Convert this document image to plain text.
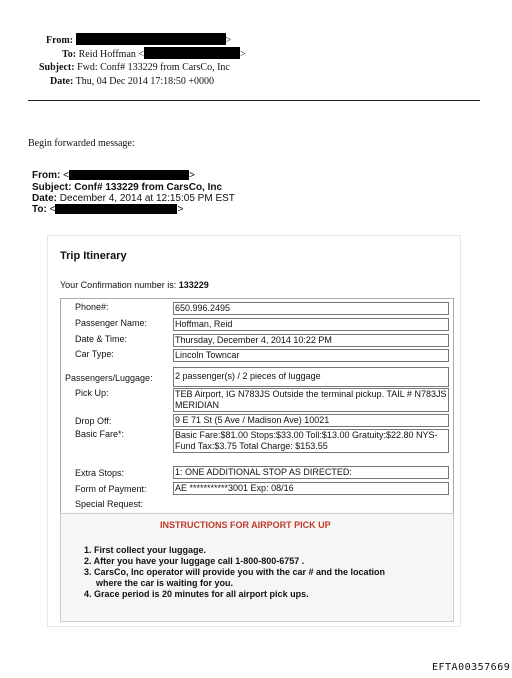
From:	>
To: Reid Hoffman <	>
Subject: Fwd: Conf# 133229 from CarsCo, Inc
Date: Thu, 04 Dec 2014 17:18:50 +0000
Begin forwarded message:
From: <	>
Subject: Conf# 133229 from CarsCo, Inc
Date: December 4, 2014 at 12:15:05 PM EST
To: <	>
Trip Itinerary
Your Confirmation number is: 133229
Phone#:	650.996.2495
Passenger Name:	Hoffman, Reid
Date & Time:	Thursday, December 4, 2014 10:22 PM
Car Type:	Lincoln Towncar
Passengers/Luggage: 2 passenger(s) / 2 pieces of luggage
Pick Up:	TEB Airport, IG N783JS Outside the terminal pickup. TAIL # N783JS MERIDIAN
Drop Off:	9 E 71 St (5 Ave / Madison Ave) 10021
Basic Fare*:	Basic Fare:$81.00 Stops:$33.00 Toll:$13.00 Gratuity:$22.80 NYS-Fund Tax:$3.75 Total Charge: $153.55
Extra Stops:	1: ONE ADDITIONAL STOP AS DIRECTED:
Form of Payment:	AE ***********3001 Exp: 08/16
Special Request:
INSTRUCTIONS FOR AIRPORT PICK UP
1. First collect your luggage.
2. After you have your luggage call 1-800-800-6757 .
3. CarsCo, Inc operator will provide you with the car # and the location
where the car is waiting for you.
4. Grace period is 20 minutes for all airport pick ups.
EFTA00357669
